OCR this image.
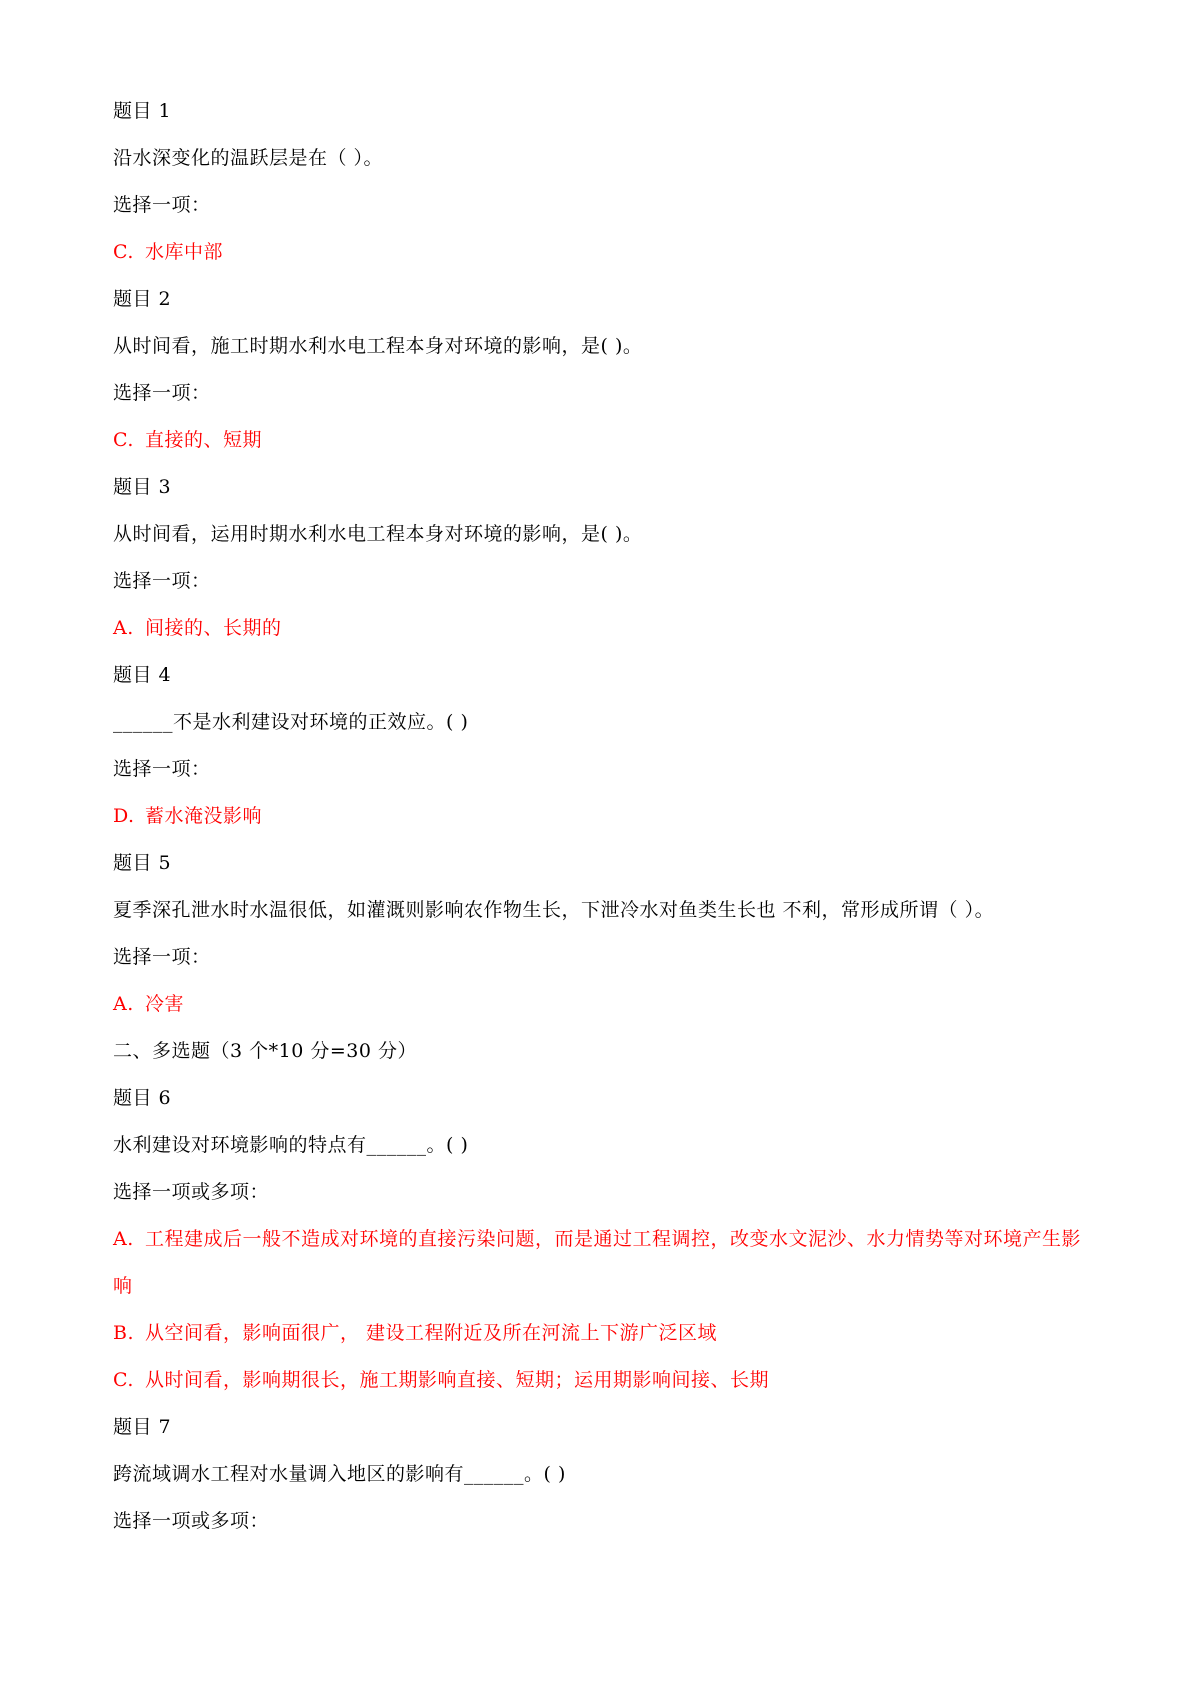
题目 1
沿水深变化的温跃层是在（ ）。
选择一项：
C. 水库中部
题目 2
从时间看，施工时期水利水电工程本身对环境的影响，是( )。
选择一项：
C. 直接的、短期
题目 3
从时间看，运用时期水利水电工程本身对环境的影响，是( )。
选择一项：
A. 间接的、长期的
题目 4
______不是水利建设对环境的正效应。( )
选择一项：
D. 蓄水淹没影响
题目 5
夏季深孔泄水时水温很低，如灌溉则影响农作物生长，下泄冷水对鱼类生长也 不利，常形成所谓（ ）。
选择一项：
A. 冷害
二、多选题（3 个*10 分=30 分）
题目 6
水利建设对环境影响的特点有______。( )
选择一项或多项：
A. 工程建成后一般不造成对环境的直接污染问题，而是通过工程调控，改变水文泥沙、水力情势等对环境产生影响
B. 从空间看，影响面很广， 建设工程附近及所在河流上下游广泛区域
C. 从时间看，影响期很长，施工期影响直接、短期；运用期影响间接、长期
题目 7
跨流域调水工程对水量调入地区的影响有______。( )
选择一项或多项：
